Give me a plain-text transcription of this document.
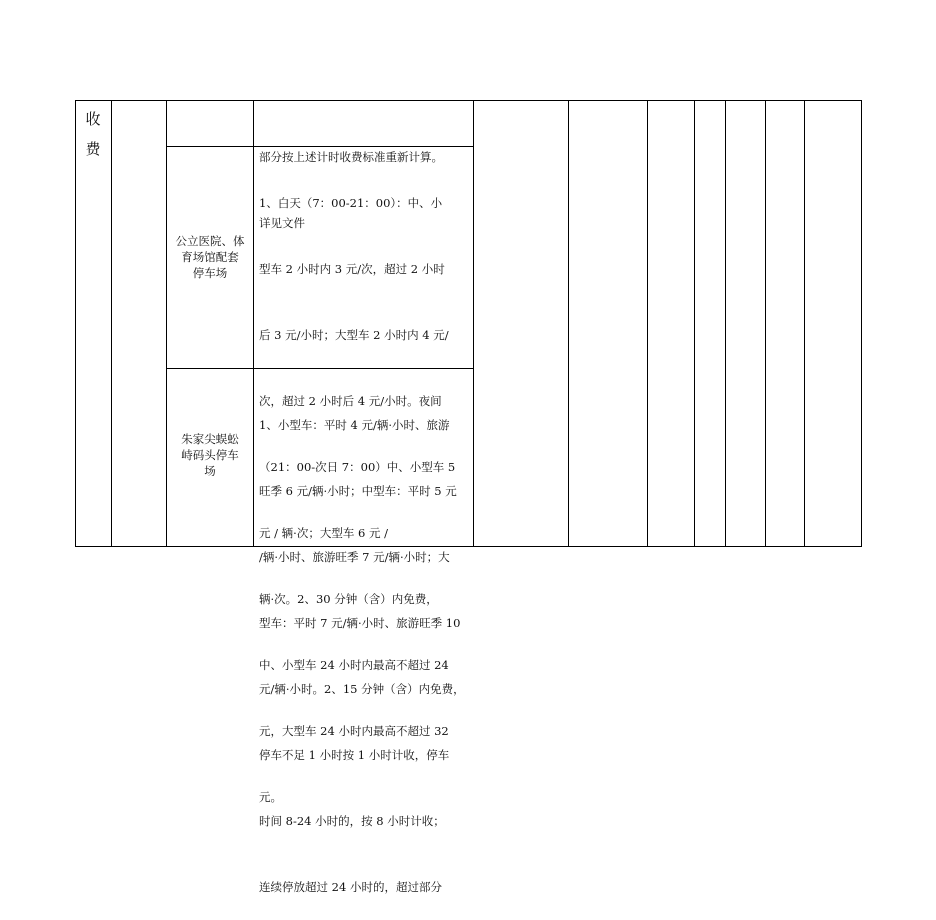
收
费

	部分按上述计时收费标准重新计算。

详见文件

公立医院、体
育场馆配套
停车场

1、白天（7：00-21：00）：中、小

型车 2 小时内 3 元/次，超过 2 小时

后 3 元/小时；大型车 2 小时内 4 元/

次，超过 2 小时后 4 元/小时。夜间

（21：00-次日 7：00）中、小型车 5

元 / 辆·次；大型车 6 元 /

辆·次。2、30 分钟（含）内免费，

中、小型车 24 小时内最高不超过 24

元，大型车 24 小时内最高不超过 32

元。

朱家尖蜈蚣
峙码头停车
场

1、小型车：平时 4 元/辆·小时、旅游

旺季 6 元/辆·小时；中型车：平时 5 元

/辆·小时、旅游旺季 7 元/辆·小时；大

型车：平时 7 元/辆·小时、旅游旺季 10

元/辆·小时。2、15 分钟（含）内免费，

停车不足 1 小时按 1 小时计收，停车

时间 8-24 小时的，按 8 小时计收；

连续停放超过 24 小时的，超过部分
